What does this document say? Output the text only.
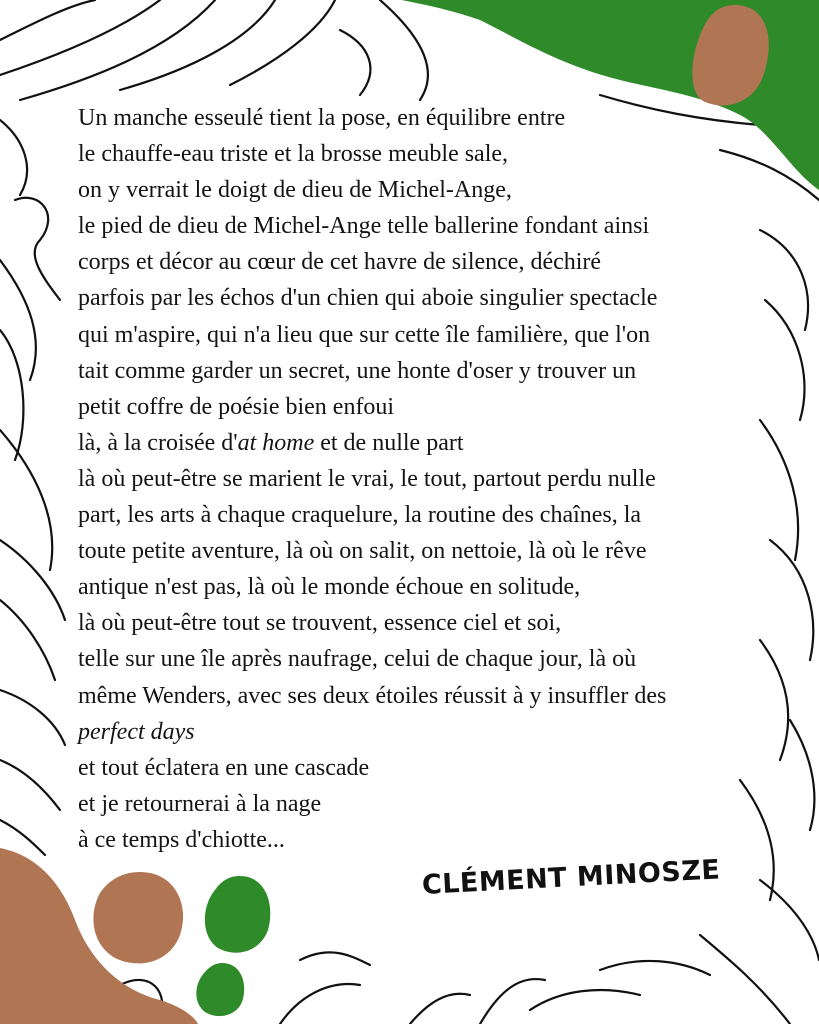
Un manche esseulé tient la pose, en équilibre entre
le chauffe-eau triste et la brosse meuble sale,
on y verrait le doigt de dieu de Michel-Ange,
le pied de dieu de Michel-Ange telle ballerine fondant ainsi
corps et décor au cœur de cet havre de silence, déchiré
parfois par les échos d'un chien qui aboie singulier spectacle
qui m'aspire, qui n'a lieu que sur cette île familière, que l'on
tait comme garder un secret, une honte d'oser y trouver un
petit coffre de poésie bien enfoui
là, à la croisée d'at home et de nulle part
là où peut-être se marient le vrai, le tout, partout perdu nulle
part, les arts à chaque craquelure, la routine des chaînes, la
toute petite aventure, là où on salit, on nettoie, là où le rêve
antique n'est pas, là où le monde échoue en solitude,
là où peut-être tout se trouvent, essence ciel et soi,
telle sur une île après naufrage, celui de chaque jour, là où
même Wenders, avec ses deux étoiles réussit à y insuffler des
perfect days
et tout éclatera en une cascade
et je retournerai à la nage
à ce temps d'chiotte...
CLÉMENT MINOSZE
